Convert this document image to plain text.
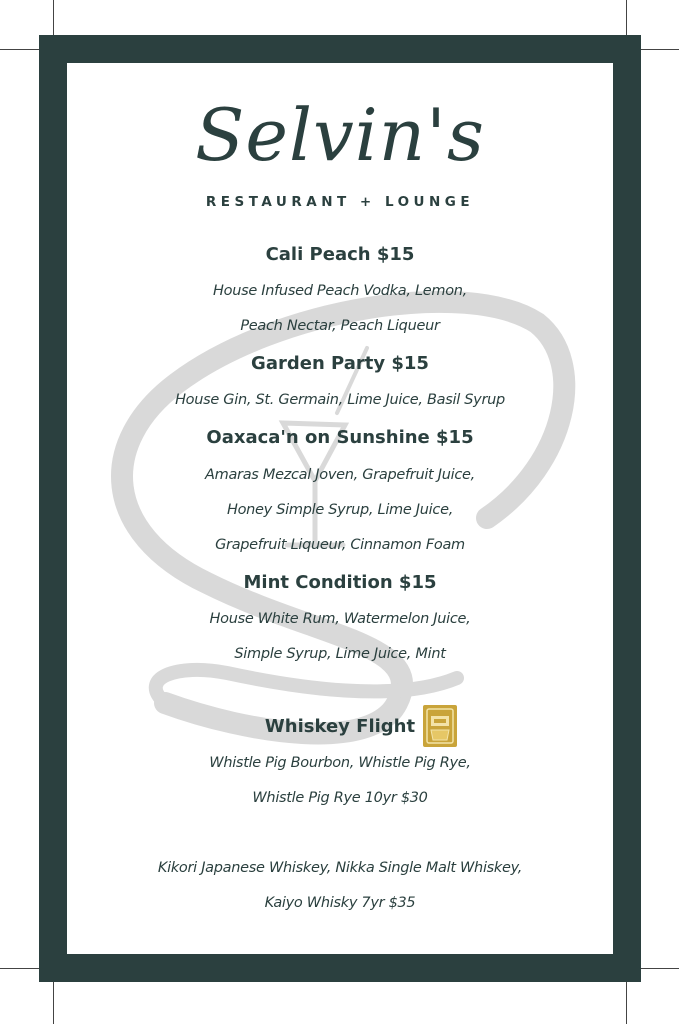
Selvin's
RESTAURANT + LOUNGE
Cali Peach $15
House Infused Peach Vodka, Lemon,
Peach Nectar, Peach Liqueur
Garden Party $15
House Gin, St. Germain, Lime Juice, Basil Syrup
Oaxaca'n on Sunshine $15
Amaras Mezcal Joven, Grapefruit Juice,
Honey Simple Syrup, Lime Juice,
Grapefruit Liqueur, Cinnamon Foam
Mint Condition $15
House White Rum, Watermelon Juice,
Simple Syrup, Lime Juice, Mint
Whiskey Flight
Whistle Pig Bourbon, Whistle Pig Rye,
Whistle Pig Rye 10yr $30
Kikori Japanese Whiskey, Nikka Single Malt Whiskey,
Kaiyo Whisky 7yr $35
